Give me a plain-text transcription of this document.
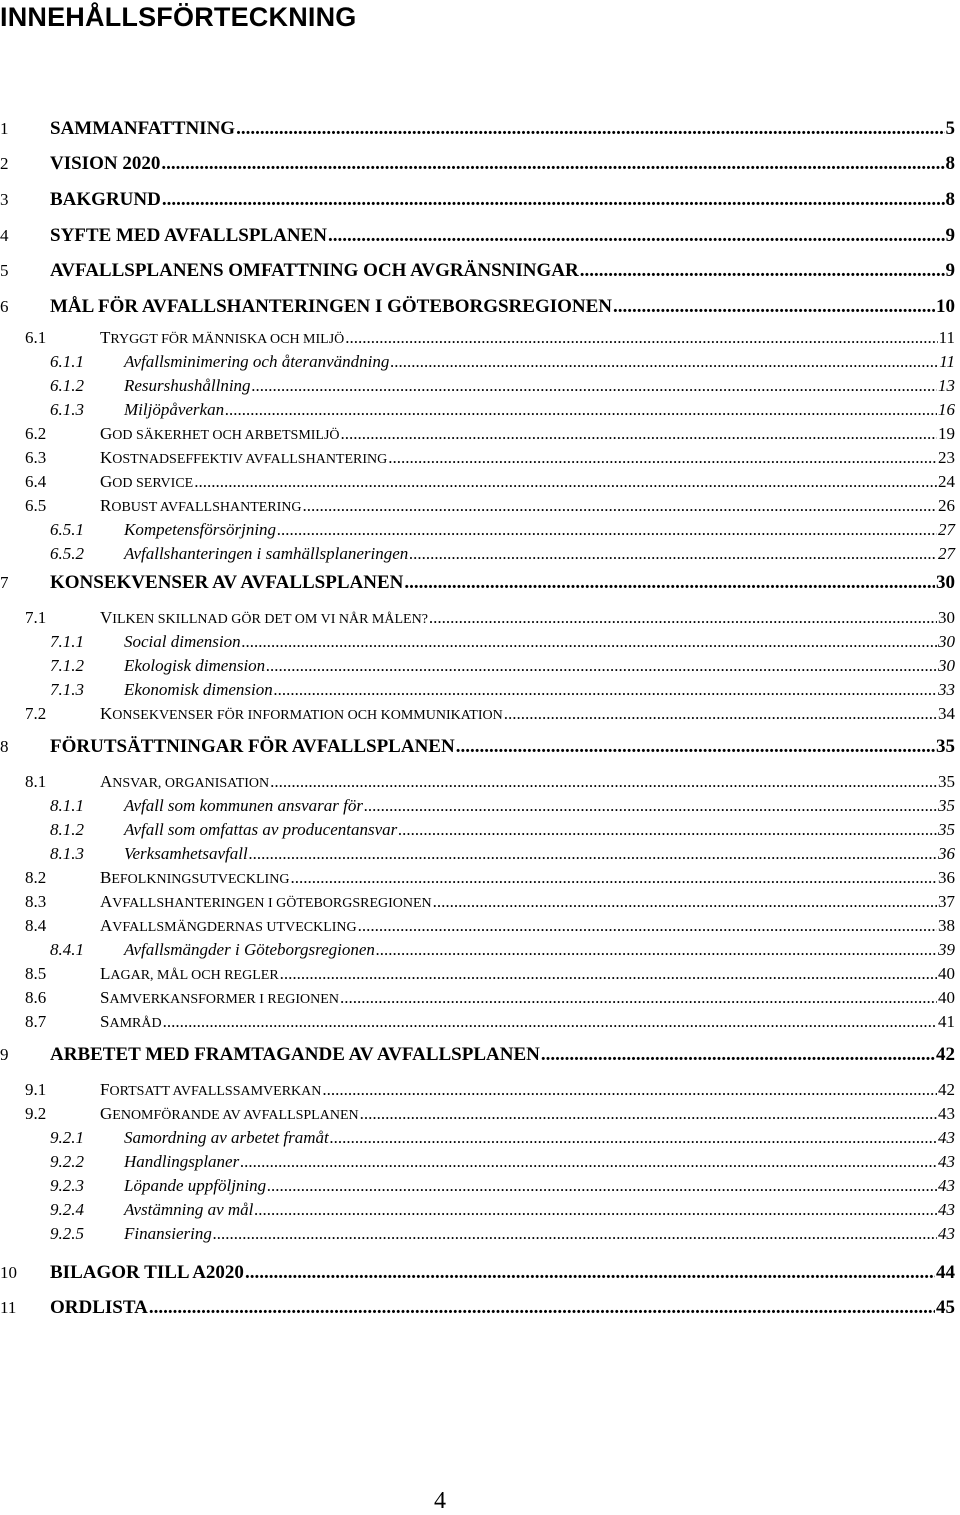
INNEHÅLLSFÖRTECKNING
1 SAMMANFATTNING .....	5
2 VISION 2020 .....	8
3 BAKGRUND .....	8
4 SYFTE MED AVFALLSPLANEN .....	9
5 AVFALLSPLANENS OMFATTNING OCH AVGRÄNSNINGAR .....	9
6 MÅL FÖR AVFALLSHANTERINGEN I GÖTEBORGSREGIONEN .....	10
6.1	TRYGGT FÖR MÄNNISKA OCH MILJÖ .....	11
6.1.1 Avfallsminimering och återanvändning .....	11
6.1.2 Resurshushållning .....	13
6.1.3 Miljöpåverkan .....	16
6.2	GOD SÄKERHET OCH ARBETSMILJÖ .....	19
6.3	KOSTNADSEFFEKTIV AVFALLSHANTERING .....	23
6.4	GOD SERVICE .....	24
6.5	ROBUST AVFALLSHANTERING .....	26
6.5.1 Kompetensförsörjning .....	27
6.5.2 Avfallshanteringen i samhällsplaneringen .....	27
7 KONSEKVENSER AV AVFALLSPLANEN .....	30
7.1	VILKEN SKILLNAD GÖR DET OM VI NÅR MÅLEN? .....	30
7.1.1 Social dimension .....	30
7.1.2 Ekologisk dimension .....	30
7.1.3 Ekonomisk dimension .....	33
7.2	KONSEKVENSER FÖR INFORMATION OCH KOMMUNIKATION .....	34
8 FÖRUTSÄTTNINGAR FÖR AVFALLSPLANEN .....	35
8.1	ANSVAR, ORGANISATION .....	35
8.1.1 Avfall som kommunen ansvarar för .....	35
8.1.2 Avfall som omfattas av producentansvar .....	35
8.1.3 Verksamhetsavfall .....	36
8.2	BEFOLKNINGSUTVECKLING .....	36
8.3	AVFALLSHANTERINGEN I GÖTEBORGSREGIONEN .....	37
8.4	AVFALLSMÄNGDERNAS UTVECKLING .....	38
8.4.1 Avfallsmängder i Göteborgsregionen .....	39
8.5	LAGAR, MÅL OCH REGLER .....	40
8.6	SAMVERKANSFORMER I REGIONEN .....	40
8.7	SAMRÅD .....	41
9 ARBETET MED FRAMTAGANDE AV AVFALLSPLANEN .....	42
9.1	FORTSATT AVFALLSSAMVERKAN .....	42
9.2	GENOMFÖRANDE AV AVFALLSPLANEN .....	43
9.2.1 Samordning av arbetet framåt .....	43
9.2.2 Handlingsplaner .....	43
9.2.3 Löpande uppföljning .....	43
9.2.4 Avstämning av mål .....	43
9.2.5 Finansiering .....	43
10 BILAGOR TILL A2020 .....	44
11 ORDLISTA .....	45
4
